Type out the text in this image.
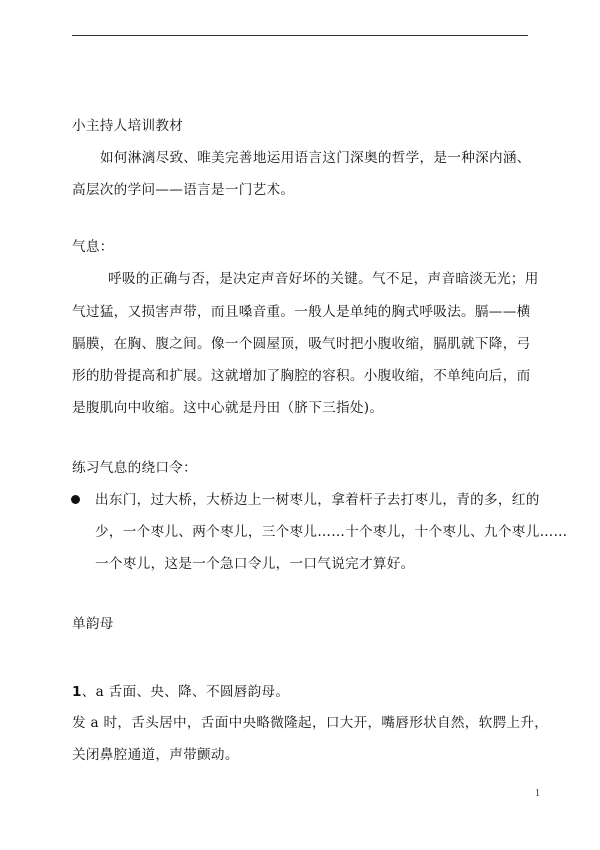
小主持人培训教材
如何淋漓尽致、唯美完善地运用语言这门深奥的哲学，是一种深内涵、
高层次的学问——语言是一门艺术。
气息：
呼吸的正确与否，是决定声音好坏的关键。气不足，声音暗淡无光；用
气过猛，又损害声带，而且嗓音重。一般人是单纯的胸式呼吸法。膈——横
膈膜，在胸、腹之间。像一个圆屋顶，吸气时把小腹收缩，膈肌就下降，弓
形的肋骨提高和扩展。这就增加了胸腔的容积。小腹收缩，不单纯向后，而
是腹肌向中收缩。这中心就是丹田（脐下三指处)。
练习气息的绕口令：
出东门，过大桥，大桥边上一树枣儿，拿着杆子去打枣儿，青的多，红的
少，一个枣儿、两个枣儿，三个枣儿……十个枣儿，十个枣儿、九个枣儿……
一个枣儿，这是一个急口令儿，一口气说完才算好。
单韵母
1、a 舌面、央、降、不圆唇韵母。
发 a 时，舌头居中，舌面中央略微隆起，口大开，嘴唇形状自然，软腭上升，
关闭鼻腔通道，声带颤动。
1
